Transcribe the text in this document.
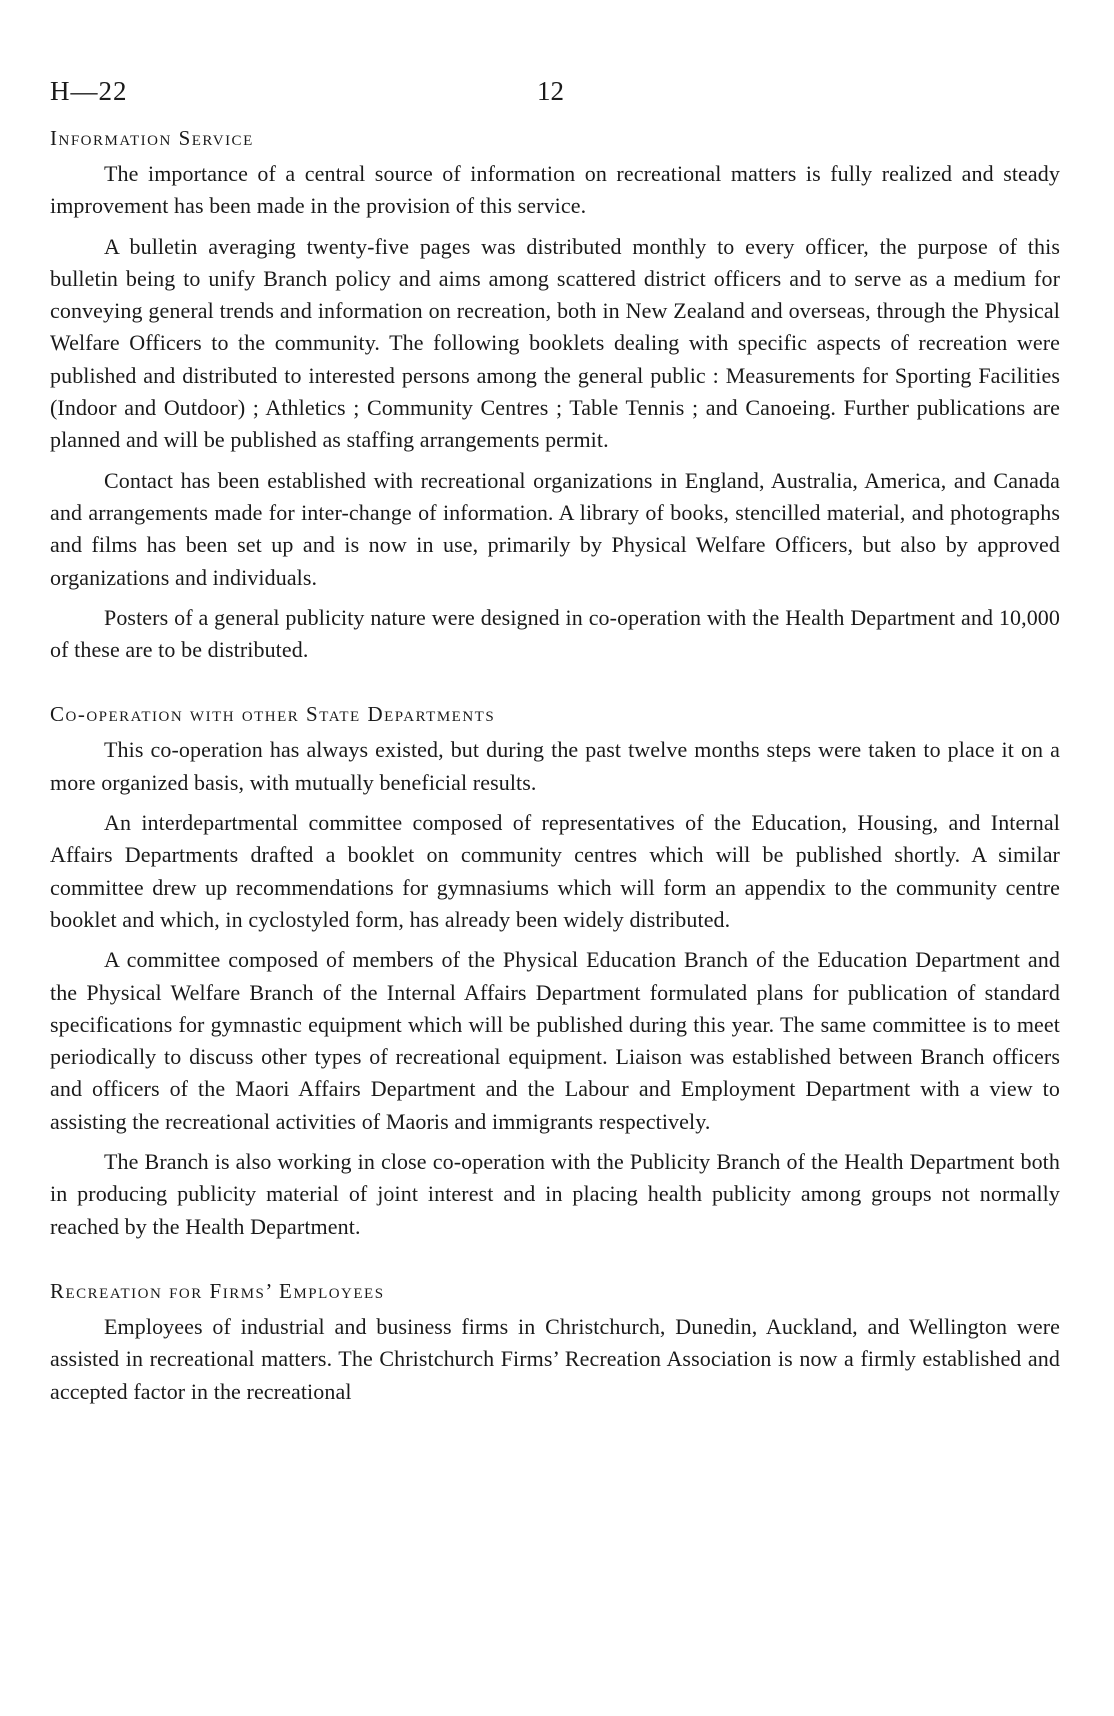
H—22	12
Information Service

The importance of a central source of information on recreational matters is fully realized and steady improvement has been made in the provision of this service.

A bulletin averaging twenty-five pages was distributed monthly to every officer, the purpose of this bulletin being to unify Branch policy and aims among scattered district officers and to serve as a medium for conveying general trends and information on recreation, both in New Zealand and overseas, through the Physical Welfare Officers to the community. The following booklets dealing with specific aspects of recreation were published and distributed to interested persons among the general public : Measurements for Sporting Facilities (Indoor and Outdoor) ; Athletics ; Community Centres ; Table Tennis ; and Canoeing. Further publications are planned and will be published as staffing arrangements permit.

Contact has been established with recreational organizations in England, Australia, America, and Canada and arrangements made for inter-change of information. A library of books, stencilled material, and photographs and films has been set up and is now in use, primarily by Physical Welfare Officers, but also by approved organizations and individuals.

Posters of a general publicity nature were designed in co-operation with the Health Department and 10,000 of these are to be distributed.

Co-operation with other State Departments

This co-operation has always existed, but during the past twelve months steps were taken to place it on a more organized basis, with mutually beneficial results.

An interdepartmental committee composed of representatives of the Education, Housing, and Internal Affairs Departments drafted a booklet on community centres which will be published shortly. A similar committee drew up recommendations for gymnasiums which will form an appendix to the community centre booklet and which, in cyclostyled form, has already been widely distributed.

A committee composed of members of the Physical Education Branch of the Education Department and the Physical Welfare Branch of the Internal Affairs Department formulated plans for publication of standard specifications for gymnastic equipment which will be published during this year. The same committee is to meet periodically to discuss other types of recreational equipment. Liaison was established between Branch officers and officers of the Maori Affairs Department and the Labour and Employment Department with a view to assisting the recreational activities of Maoris and immigrants respectively.

The Branch is also working in close co-operation with the Publicity Branch of the Health Department both in producing publicity material of joint interest and in placing health publicity among groups not normally reached by the Health Department.

Recreation for Firms’ Employees

Employees of industrial and business firms in Christchurch, Dunedin, Auckland, and Wellington were assisted in recreational matters. The Christchurch Firms’ Recreation Association is now a firmly established and accepted factor in the recreational
